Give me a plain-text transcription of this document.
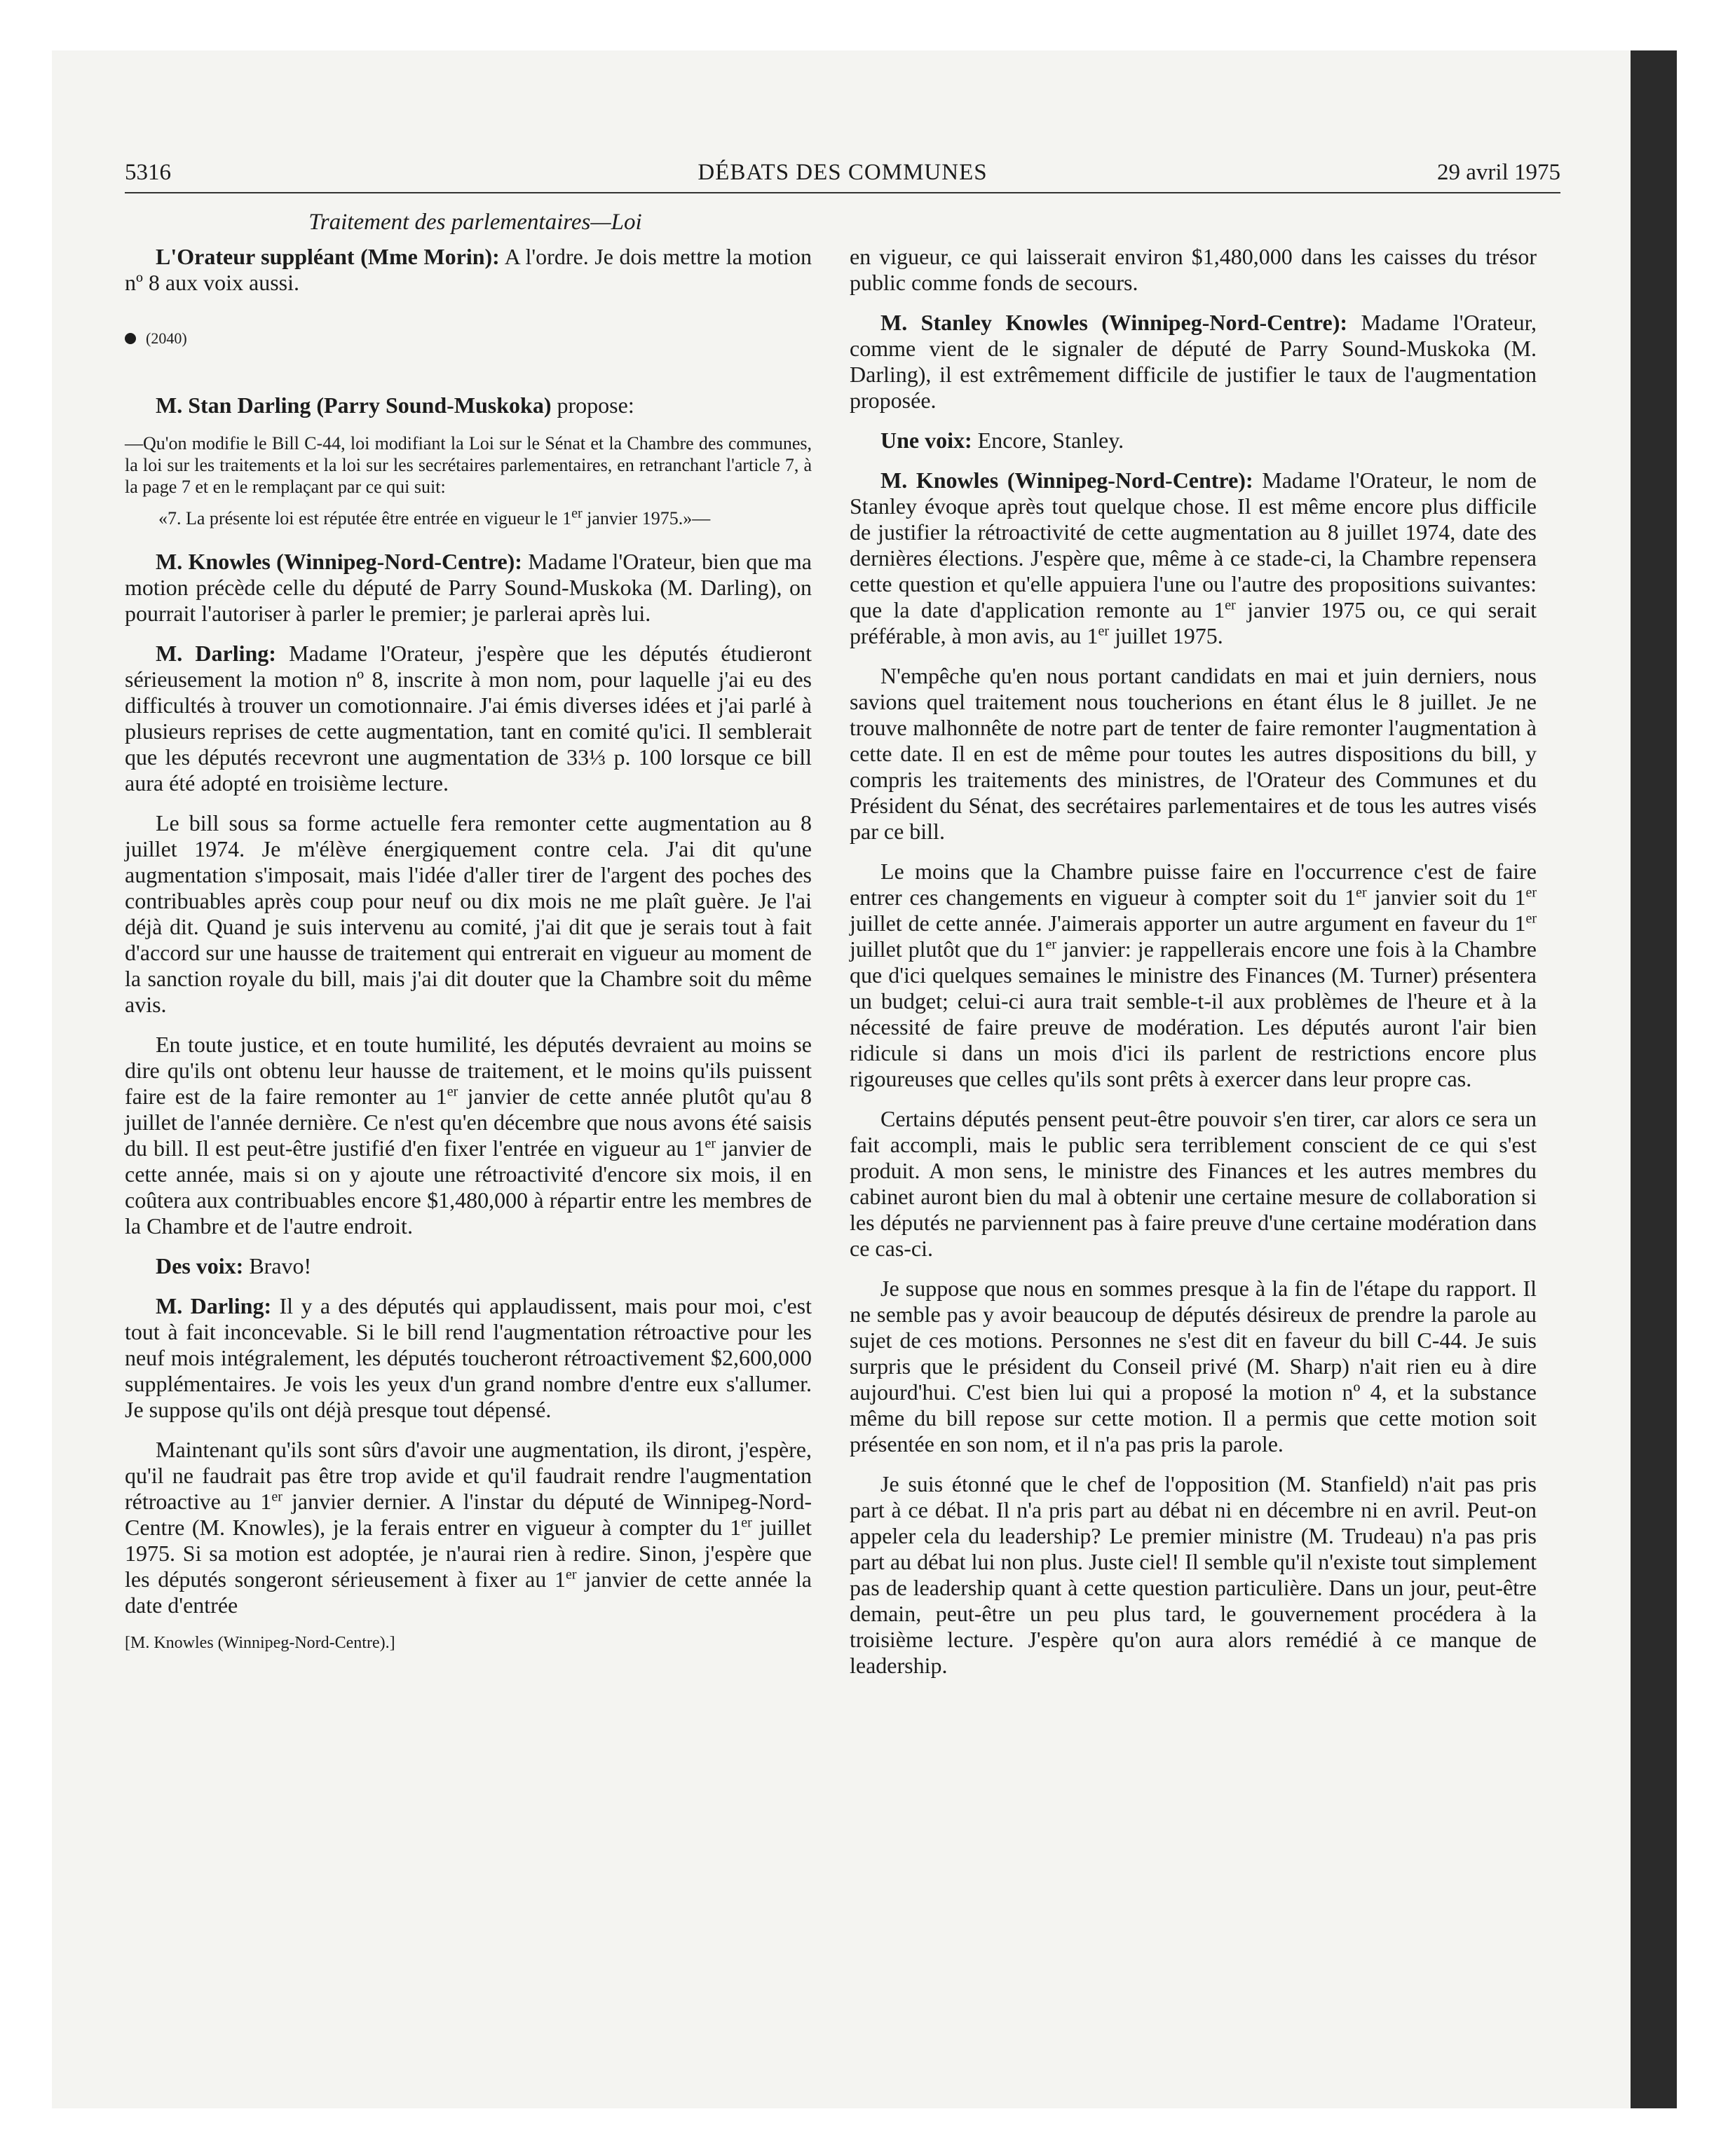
5316	DÉBATS DES COMMUNES	29 avril 1975
Traitement des parlementaires—Loi

L'Orateur suppléant (Mme Morin): A l'ordre. Je dois mettre la motion nº 8 aux voix aussi.

(2040)

M. Stan Darling (Parry Sound-Muskoka) propose:

—Qu'on modifie le Bill C-44, loi modifiant la Loi sur le Sénat et la Chambre des communes, la loi sur les traitements et la loi sur les secrétaires parlementaires, en retranchant l'article 7, à la page 7 et en le remplaçant par ce qui suit:

«7. La présente loi est réputée être entrée en vigueur le 1er janvier 1975.»—

M. Knowles (Winnipeg-Nord-Centre): Madame l'Orateur, bien que ma motion précède celle du député de Parry Sound-Muskoka (M. Darling), on pourrait l'autoriser à parler le premier; je parlerai après lui.

M. Darling: Madame l'Orateur, j'espère que les députés étudieront sérieusement la motion nº 8, inscrite à mon nom, pour laquelle j'ai eu des difficultés à trouver un comotionnaire. J'ai émis diverses idées et j'ai parlé à plusieurs reprises de cette augmentation, tant en comité qu'ici. Il semblerait que les députés recevront une augmentation de 33⅓ p. 100 lorsque ce bill aura été adopté en troisième lecture.

Le bill sous sa forme actuelle fera remonter cette augmentation au 8 juillet 1974. Je m'élève énergiquement contre cela. J'ai dit qu'une augmentation s'imposait, mais l'idée d'aller tirer de l'argent des poches des contribuables après coup pour neuf ou dix mois ne me plaît guère. Je l'ai déjà dit. Quand je suis intervenu au comité, j'ai dit que je serais tout à fait d'accord sur une hausse de traitement qui entrerait en vigueur au moment de la sanction royale du bill, mais j'ai dit douter que la Chambre soit du même avis.

En toute justice, et en toute humilité, les députés devraient au moins se dire qu'ils ont obtenu leur hausse de traitement, et le moins qu'ils puissent faire est de la faire remonter au 1er janvier de cette année plutôt qu'au 8 juillet de l'année dernière. Ce n'est qu'en décembre que nous avons été saisis du bill. Il est peut-être justifié d'en fixer l'entrée en vigueur au 1er janvier de cette année, mais si on y ajoute une rétroactivité d'encore six mois, il en coûtera aux contribuables encore $1,480,000 à répartir entre les membres de la Chambre et de l'autre endroit.

Des voix: Bravo!

M. Darling: Il y a des députés qui applaudissent, mais pour moi, c'est tout à fait inconcevable. Si le bill rend l'augmentation rétroactive pour les neuf mois intégralement, les députés toucheront rétroactivement $2,600,000 supplémentaires. Je vois les yeux d'un grand nombre d'entre eux s'allumer. Je suppose qu'ils ont déjà presque tout dépensé.

Maintenant qu'ils sont sûrs d'avoir une augmentation, ils diront, j'espère, qu'il ne faudrait pas être trop avide et qu'il faudrait rendre l'augmentation rétroactive au 1er janvier dernier. A l'instar du député de Winnipeg-Nord-Centre (M. Knowles), je la ferais entrer en vigueur à compter du 1er juillet 1975. Si sa motion est adoptée, je n'aurai rien à redire. Sinon, j'espère que les députés songeront sérieusement à fixer au 1er janvier de cette année la date d'entrée

[M. Knowles (Winnipeg-Nord-Centre).]

en vigueur, ce qui laisserait environ $1,480,000 dans les caisses du trésor public comme fonds de secours.

M. Stanley Knowles (Winnipeg-Nord-Centre): Madame l'Orateur, comme vient de le signaler de député de Parry Sound-Muskoka (M. Darling), il est extrêmement difficile de justifier le taux de l'augmentation proposée.

Une voix: Encore, Stanley.

M. Knowles (Winnipeg-Nord-Centre): Madame l'Orateur, le nom de Stanley évoque après tout quelque chose. Il est même encore plus difficile de justifier la rétroactivité de cette augmentation au 8 juillet 1974, date des dernières élections. J'espère que, même à ce stade-ci, la Chambre repensera cette question et qu'elle appuiera l'une ou l'autre des propositions suivantes: que la date d'application remonte au 1er janvier 1975 ou, ce qui serait préférable, à mon avis, au 1er juillet 1975.

N'empêche qu'en nous portant candidats en mai et juin derniers, nous savions quel traitement nous toucherions en étant élus le 8 juillet. Je ne trouve malhonnête de notre part de tenter de faire remonter l'augmentation à cette date. Il en est de même pour toutes les autres dispositions du bill, y compris les traitements des ministres, de l'Orateur des Communes et du Président du Sénat, des secrétaires parlementaires et de tous les autres visés par ce bill.

Le moins que la Chambre puisse faire en l'occurrence c'est de faire entrer ces changements en vigueur à compter soit du 1er janvier soit du 1er juillet de cette année. J'aimerais apporter un autre argument en faveur du 1er juillet plutôt que du 1er janvier: je rappellerais encore une fois à la Chambre que d'ici quelques semaines le ministre des Finances (M. Turner) présentera un budget; celui-ci aura trait semble-t-il aux problèmes de l'heure et à la nécessité de faire preuve de modération. Les députés auront l'air bien ridicule si dans un mois d'ici ils parlent de restrictions encore plus rigoureuses que celles qu'ils sont prêts à exercer dans leur propre cas.

Certains députés pensent peut-être pouvoir s'en tirer, car alors ce sera un fait accompli, mais le public sera terriblement conscient de ce qui s'est produit. A mon sens, le ministre des Finances et les autres membres du cabinet auront bien du mal à obtenir une certaine mesure de collaboration si les députés ne parviennent pas à faire preuve d'une certaine modération dans ce cas-ci.

Je suppose que nous en sommes presque à la fin de l'étape du rapport. Il ne semble pas y avoir beaucoup de députés désireux de prendre la parole au sujet de ces motions. Personnes ne s'est dit en faveur du bill C-44. Je suis surpris que le président du Conseil privé (M. Sharp) n'ait rien eu à dire aujourd'hui. C'est bien lui qui a proposé la motion nº 4, et la substance même du bill repose sur cette motion. Il a permis que cette motion soit présentée en son nom, et il n'a pas pris la parole.

Je suis étonné que le chef de l'opposition (M. Stanfield) n'ait pas pris part à ce débat. Il n'a pris part au débat ni en décembre ni en avril. Peut-on appeler cela du leadership? Le premier ministre (M. Trudeau) n'a pas pris part au débat lui non plus. Juste ciel! Il semble qu'il n'existe tout simplement pas de leadership quant à cette question particulière. Dans un jour, peut-être demain, peut-être un peu plus tard, le gouvernement procédera à la troisième lecture. J'espère qu'on aura alors remédié à ce manque de leadership.
